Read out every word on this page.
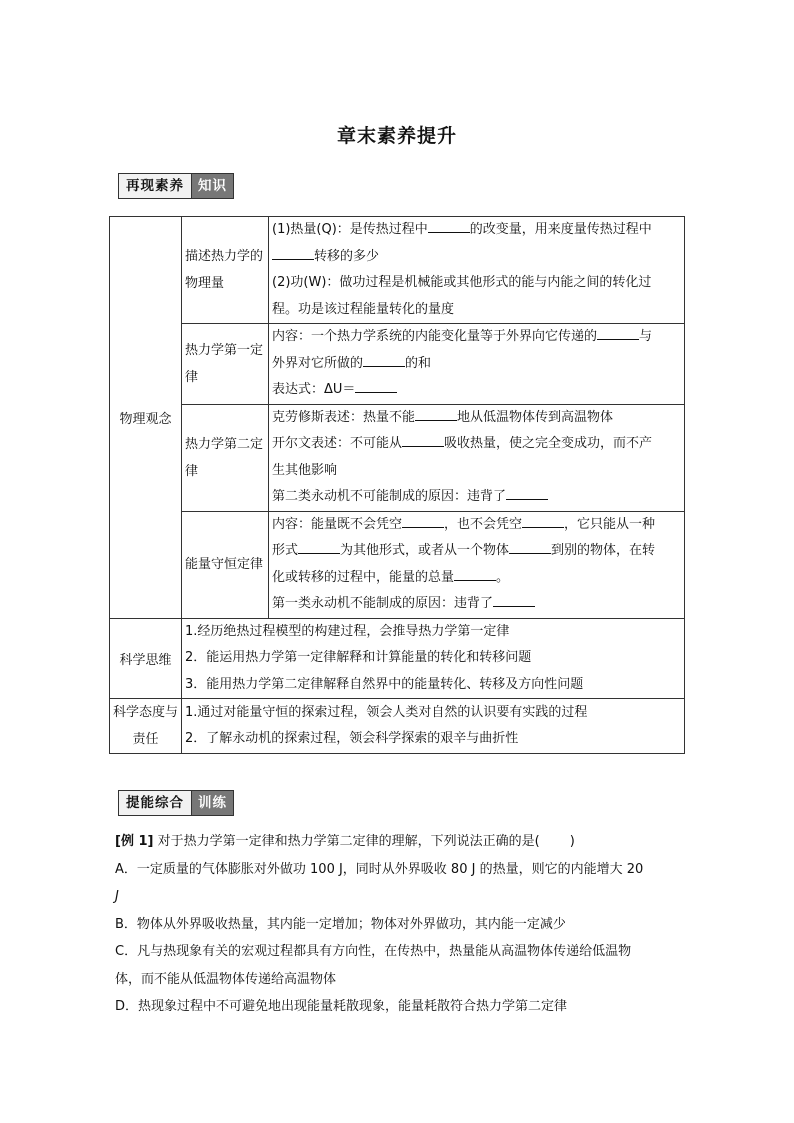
章末素养提升
再现素养	知识
物理观念	描述热力学的物理量	(1)热量(Q)：是传热过程中 的改变量，用来度量传热过程中
转移的多少
(2)功(W)：做功过程是机械能或其他形式的能与内能之间的转化过
程。功是该过程能量转化的量度

	热力学第一定律	内容：一个热力学系统的内能变化量等于外界向它传递的 与
外界对它所做的 的和
表达式：ΔU＝

	热力学第二定律	克劳修斯表述：热量不能 地从低温物体传到高温物体
开尔文表述：不可能从 吸收热量，使之完全变成功，而不产
生其他影响
第二类永动机不可能制成的原因：违背了

	能量守恒定律	内容：能量既不会凭空 ，也不会凭空 ，它只能从一种
形式 为其他形式，或者从一个物体 到别的物体，在转
化或转移的过程中，能量的总量 。
第一类永动机不能制成的原因：违背了

科学思维	1.经历绝热过程模型的构建过程，会推导热力学第一定律
2．能运用热力学第一定律解释和计算能量的转化和转移问题
3．能用热力学第二定律解释自然界中的能量转化、转移及方向性问题	

科学态度与责任	1.通过对能量守恒的探索过程，领会人类对自然的认识要有实践的过程
2．了解永动机的探索过程，领会科学探索的艰辛与曲折性	
提能综合	训练

[例 1] 对于热力学第一定律和热力学第二定律的理解，下列说法正确的是( )

A．一定质量的气体膨胀对外做功 100 J，同时从外界吸收 80 J 的热量，则它的内能增大 20

J

B．物体从外界吸收热量，其内能一定增加；物体对外界做功，其内能一定减少

C．凡与热现象有关的宏观过程都具有方向性，在传热中，热量能从高温物体传递给低温物

体，而不能从低温物体传递给高温物体

D．热现象过程中不可避免地出现能量耗散现象，能量耗散符合热力学第二定律
